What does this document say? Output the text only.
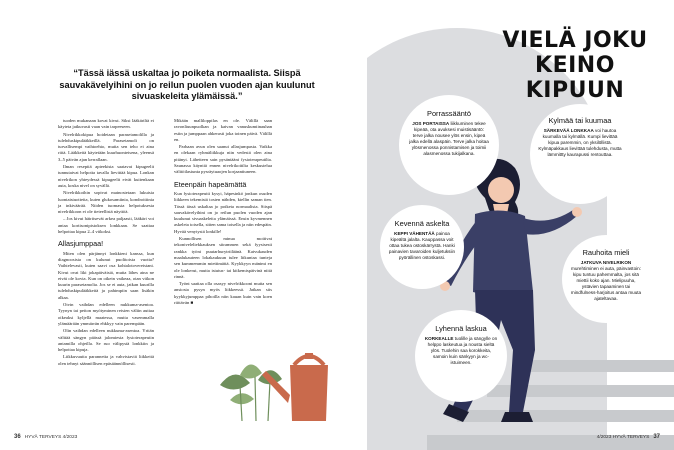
“Tässä iässä uskaltaa jo poiketa normaalista. Siispä sauvakävelyihini on jo reilun puolen vuoden ajan kuulunut sivuaskeleita ylämäissä.”

tuoden mukanaan kovat kivut. Siksi lääkäriltä ei käyteta jatkuvasti vaan vain tarpeeseen.

Nivelrikkokipua hoidetaan parasetamolilla ja tulehduskipulääkkeillä. Parasetamoli on turvallisempi vaihtoehto, mutta sen teho ei aina riitä. Lääkkeitä käytetään kuurhuonteisena, yleensä 3–5 päivän ajan kerrallaan.

Ilman reseptiä apteekista saatavat kipugeelit tunnutaivat helpotta tavalla lievittää kipua. Lonkan nivelrikon yhteydessä kipugeelit eivät kuitenkaan auta, koska nivel on syvällä.

Nivelrikkoihin sopivat mainostetaan lukuisia luontaistuotteita, kuten glukosamiinia, kondroitiinia ja inkiväärää. Niiden tuomasta helpotuksesta nivelrikkoon ei ole tieteellistä näyttöä.

– Jos kivut häiritsevät arkea paljaasti, lääkäri voi antaa kortisonipistoksen lonkkaan. Se saattaa helpottaa kipua 2–4 viikoksi.

Allasjumppaa!

Miten olen pärjännyt lonkkieni kanssa, kun diagnoosista on kulunut puolitoista vuotta? Vaihtelevasti, kuten saavi osa kohtalotovereistani. Kivut ovat liki jokapäiväisiä, mutta lähes aina ne eivät ole kovia. Kun on oikein vaikeaa, otan viikon kuurin parasetamolia. Jos se ei auta, jatkan kuurilla tulehduskipulääkkeitä ja pahimpiin saan lisäkin alkaa.

Oivin vaihdan edelleen nukkuma-asentoa. Tyynyn tai peiton myötyminen reisien väliin auttaa oikeaksi kyljellä maatessa, mutta vasemmalla ylämäärään ymmärrän ehkkyy vain parempään.

Olin vaihdan edelleen nukkuma-asentoa. Yritän välttää sängyn päässä jalomiesta fysioterapeutin antamilla ohjeilla. Se ruo välipystä lonkkiin ja helpottaa kipuja.

Liikkuvuutta parannetta ja vahvistaviä liikkeitä olen tehnyt säännöllisen epäsäännöllisesti.

Mikään malliloppilas en ole. Välillä saan ravonliuunpuolkan ja kaivan vanuskumiinauhan esiin ja jumppaan ahkerasti joka toinen päivä. Välillä en.

Parhaan avun olen saanut allasjumpasta. Vaikka en olekaan ryhmäliikkuja niin vedestä olen aina pitänyt. Lähetteen sain pysäntääni fysioterapeutilta. Saunassa käyntiä ennen nivelrikoitilta keskustelua välitöilasiunta pysräytuaojen korjaantiuneen.

Eteenpäin hapeämättä

Kun fysioterapeutti kysyi, häpesinkö jonkun osuden liikkeen tekemistä tosten nähden, kiellin saman tien. Tässä iässä uskaltaa jo poiketa normaalista. Siispä sauvakävelyihini on jo reilun puolen vuoden ajan kuulunut sivuaskeleita ylämäissä. Ensin kyvmennen askeleta toisella, sitten sama toisella ja niin edespäin. Hyvää venytystä lonkille!

Kunnollisen minua moitivat tekoniveleliekkauksen sitrammen sekä fyysisesti rankka työni puutarhurytrtiläänä. Kaivukauden maalukauteen lokakaukuun tulee liikuntaa tunteja sen kummemmin miettimättä. Kyykkyyn mänimi en ole lonkerut, mutta istutus- tai kitkemispäivinä niitä rinnä.

Työnt saattaa olla osasyy nivelrikkooni mutta sen ansiosta pysyn myös liikkeessä. Jatkan siis kyykkyjumppaa pihoilla niin kauan kuin vain koen riittävän ■

36 HYVÄ TERVEYS 4/2023
VIELÄ JOKU KEINO KIPUUN
Porrassääntö
JOS PORTAISSA liikkuminen tekee kipeää, ota avuksesi muistisääntö: terve jalka nousee ylös ensin, kipeä jalka edellä alaspäin. Terve jalka hoitaa ylösmenossa ponnistamisen ja toimii alasmenossa tukijalkana.
Kylmää tai kuumaa
SÄRKEVÄÄ LONKKAA voi hautoa kuumalla tai kylmällä. Kumpi lievittää kipua paremmin, on yksilöllistä. Kylmäpakkaus lievittää tulehdusta, mutta lämmittty kaurapussi rentouttaa.
Kevennä askelta
KEPPI VÄHENTÄÄ painoa kipeältä jalalta. Kauppassa voit ottaa tukea ostoskärrystä. Hanki painavien tavaroiden kuljetuksiin pyörällinen ostoskassi.
Rauhoita mieli
JATKUVA NIVELRIKON murehtiminen ei auta, päinvastoin: kipu tuntuu pahemmalta, jos sitä miettii koko ajan. Mielipuuha, ystävien tapaaminen tai mindfulness-harjoitus antaa muuta ajateltavaa.
Lyhennä laskua
KORKEALLE tuolille ja sängylle on helppo laskeutua ja nousta sieltä ylös. Tuolehin saa korokkeita, samoin kuin sänkyyn ja wc-istuimeen.
4/2023 HYVÄ TERVEYS 37
